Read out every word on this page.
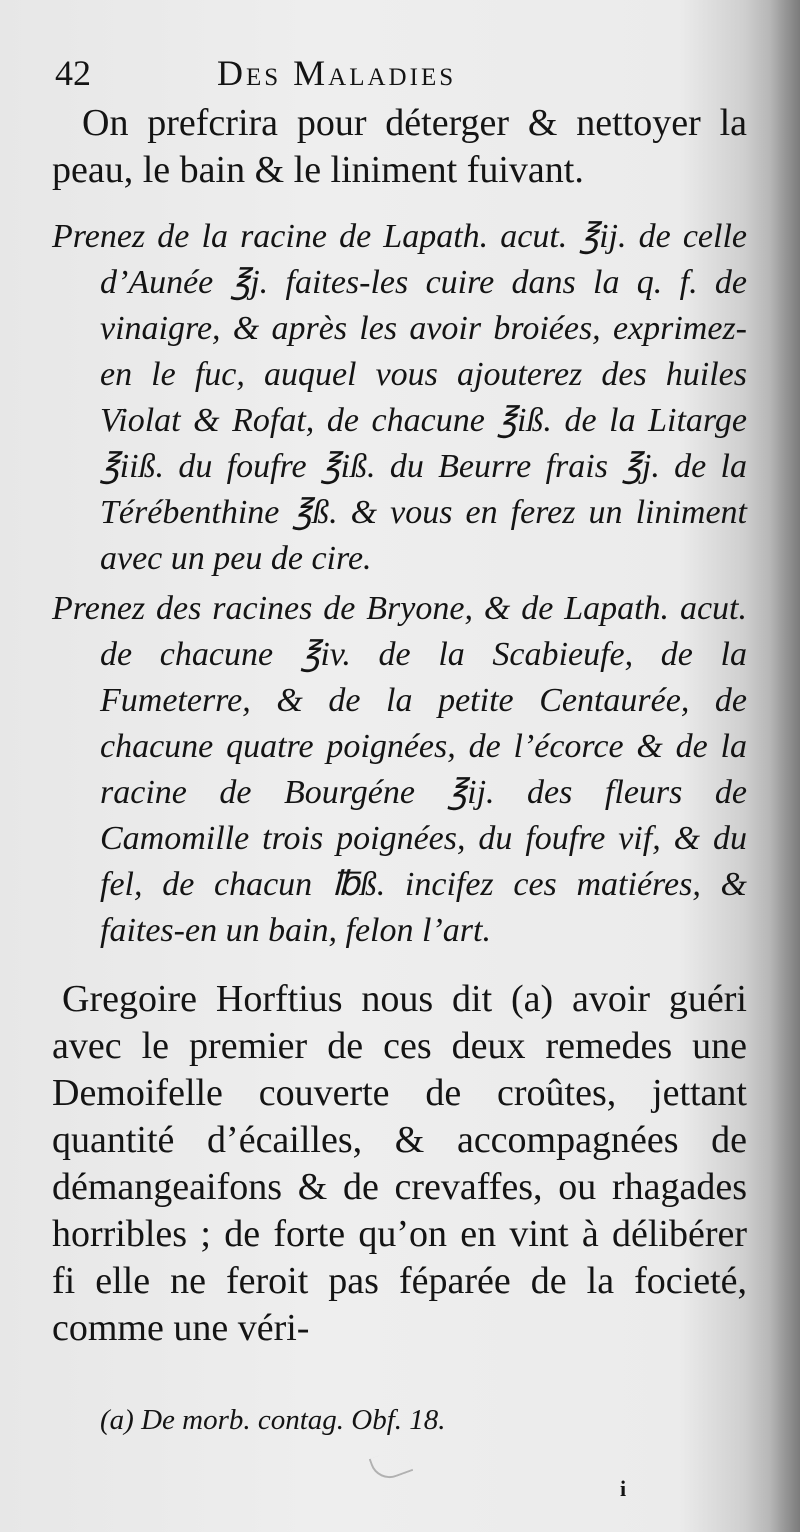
42	Des Maladies

On prefcrira pour déterger & nettoyer la peau, le bain & le liniment fuivant.

Prenez de la racine de Lapath. acut. ℥ij. de celle d’Aunée ℥j. faites-les cuire dans la q. f. de vinaigre, & après les avoir broiées, exprimez-en le fuc, auquel vous ajouterez des huiles Violat & Rofat, de chacune ℥iß. de la Litarge ℥iiß. du foufre ℥iß. du Beurre frais ℥j. de la Térébenthine ℥ß. & vous en ferez un liniment avec un peu de cire.

Prenez des racines de Bryone, & de Lapath. acut. de chacune ℥iv. de la Scabieufe, de la Fumeterre, & de la petite Centaurée, de chacune quatre poignées, de l’écorce & de la racine de Bourgéne ℥ij. des fleurs de Camomille trois poignées, du foufre vif, & du fel, de chacun ℔ß. incifez ces matiéres, & faites-en un bain, felon l’art.

Gregoire Horftius nous dit (a) avoir guéri avec le premier de ces deux remedes une Demoifelle couverte de croûtes, jettant quantité d’écailles, & accompagnées de démangeaifons & de crevaffes, ou rhagades horribles ; de forte qu’on en vint à délibérer fi elle ne feroit pas féparée de la focieté, comme une véri-

(a) De morb. contag. Obf. 18.
i
